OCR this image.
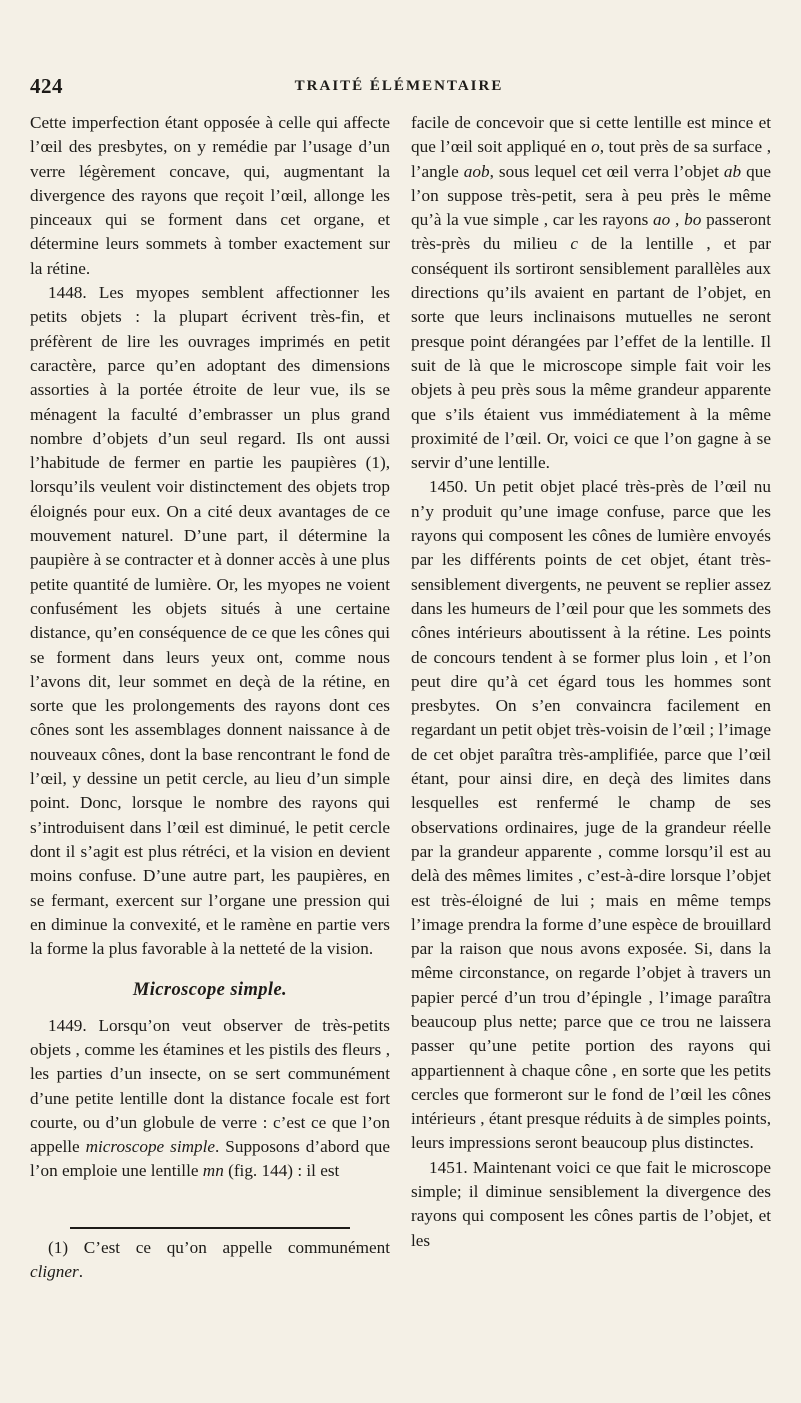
424	TRAITÉ ÉLÉMENTAIRE

Cette imperfection étant opposée à celle qui affecte l’œil des presbytes, on y remédie par l’usage d’un verre légèrement concave, qui, augmentant la divergence des rayons que reçoit l’œil, allonge les pinceaux qui se forment dans cet organe, et détermine leurs sommets à tomber exactement sur la rétine.

1448. Les myopes semblent affectionner les petits objets : la plupart écrivent très-fin, et préfèrent de lire les ouvrages imprimés en petit caractère, parce qu’en adoptant des dimensions assorties à la portée étroite de leur vue, ils se ménagent la faculté d’embrasser un plus grand nombre d’objets d’un seul regard. Ils ont aussi l’habitude de fermer en partie les paupières (1), lorsqu’ils veulent voir distinctement des objets trop éloignés pour eux. On a cité deux avantages de ce mouvement naturel. D’une part, il détermine la paupière à se contracter et à donner accès à une plus petite quantité de lumière. Or, les myopes ne voient confusément les objets situés à une certaine distance, qu’en conséquence de ce que les cônes qui se forment dans leurs yeux ont, comme nous l’avons dit, leur sommet en deçà de la rétine, en sorte que les prolongements des rayons dont ces cônes sont les assemblages donnent naissance à de nouveaux cônes, dont la base rencontrant le fond de l’œil, y dessine un petit cercle, au lieu d’un simple point. Donc, lorsque le nombre des rayons qui s’introduisent dans l’œil est diminué, le petit cercle dont il s’agit est plus rétréci, et la vision en devient moins confuse. D’une autre part, les paupières, en se fermant, exercent sur l’organe une pression qui en diminue la convexité, et le ramène en partie vers la forme la plus favorable à la netteté de la vision.

Microscope simple.

1449. Lorsqu’on veut observer de très-petits objets , comme les étamines et les pistils des fleurs , les parties d’un insecte, on se sert communément d’une petite lentille dont la distance focale est fort courte, ou d’un globule de verre : c’est ce que l’on appelle microscope simple. Supposons d’abord que l’on emploie une lentille mn (fig. 144) : il est

(1) C’est ce qu’on appelle communément cligner.

facile de concevoir que si cette lentille est mince et que l’œil soit appliqué en o, tout près de sa surface , l’angle aob, sous lequel cet œil verra l’objet ab que l’on suppose très-petit, sera à peu près le même qu’à la vue simple , car les rayons ao , bo passeront très-près du milieu c de la lentille , et par conséquent ils sortiront sensiblement parallèles aux directions qu’ils avaient en partant de l’objet, en sorte que leurs inclinaisons mutuelles ne seront presque point dérangées par l’effet de la lentille. Il suit de là que le microscope simple fait voir les objets à peu près sous la même grandeur apparente que s’ils étaient vus immédiatement à la même proximité de l’œil. Or, voici ce que l’on gagne à se servir d’une lentille.

1450. Un petit objet placé très-près de l’œil nu n’y produit qu’une image confuse, parce que les rayons qui composent les cônes de lumière envoyés par les différents points de cet objet, étant très-sensiblement divergents, ne peuvent se replier assez dans les humeurs de l’œil pour que les sommets des cônes intérieurs aboutissent à la rétine. Les points de concours tendent à se former plus loin , et l’on peut dire qu’à cet égard tous les hommes sont presbytes. On s’en convaincra facilement en regardant un petit objet très-voisin de l’œil ; l’image de cet objet paraîtra très-amplifiée, parce que l’œil étant, pour ainsi dire, en deçà des limites dans lesquelles est renfermé le champ de ses observations ordinaires, juge de la grandeur réelle par la grandeur apparente , comme lorsqu’il est au delà des mêmes limites , c’est-à-dire lorsque l’objet est très-éloigné de lui ; mais en même temps l’image prendra la forme d’une espèce de brouillard par la raison que nous avons exposée. Si, dans la même circonstance, on regarde l’objet à travers un papier percé d’un trou d’épingle , l’image paraîtra beaucoup plus nette; parce que ce trou ne laissera passer qu’une petite portion des rayons qui appartiennent à chaque cône , en sorte que les petits cercles que formeront sur le fond de l’œil les cônes intérieurs , étant presque réduits à de simples points, leurs impressions seront beaucoup plus distinctes.

1451. Maintenant voici ce que fait le microscope simple; il diminue sensiblement la divergence des rayons qui composent les cônes partis de l’objet, et les
